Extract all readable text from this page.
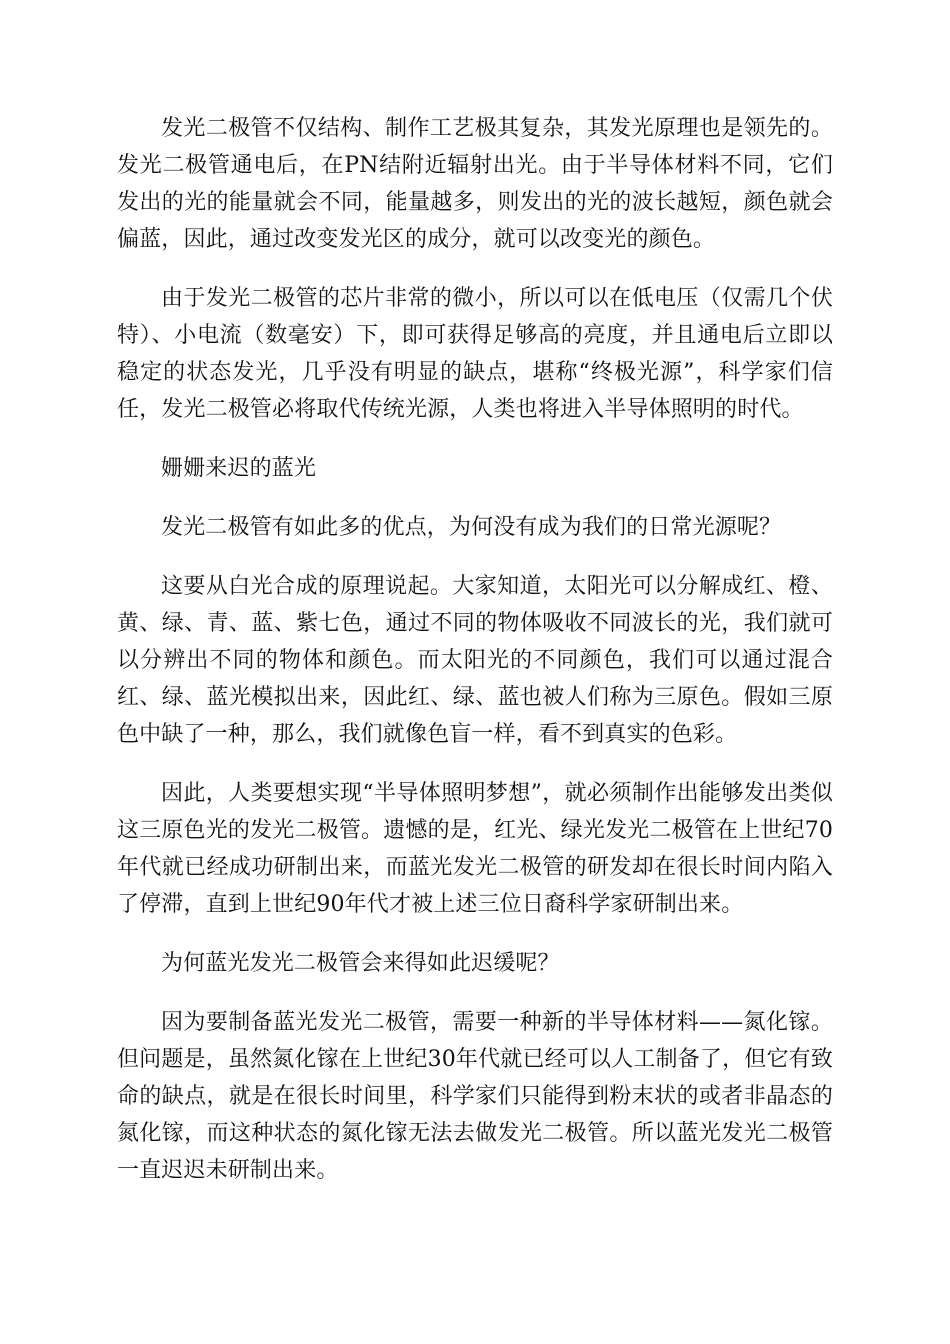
发光二极管不仅结构、制作工艺极其复杂，其发光原理也是领先的。发光二极管通电后，在PN结附近辐射出光。由于半导体材料不同，它们发出的光的能量就会不同，能量越多，则发出的光的波长越短，颜色就会偏蓝，因此，通过改变发光区的成分，就可以改变光的颜色。

由于发光二极管的芯片非常的微小，所以可以在低电压（仅需几个伏特）、小电流（数毫安）下，即可获得足够高的亮度，并且通电后立即以稳定的状态发光，几乎没有明显的缺点，堪称“终极光源”，科学家们信任，发光二极管必将取代传统光源，人类也将进入半导体照明的时代。

姗姗来迟的蓝光

发光二极管有如此多的优点，为何没有成为我们的日常光源呢？

这要从白光合成的原理说起。大家知道，太阳光可以分解成红、橙、黄、绿、青、蓝、紫七色，通过不同的物体吸收不同波长的光，我们就可以分辨出不同的物体和颜色。而太阳光的不同颜色，我们可以通过混合红、绿、蓝光模拟出来，因此红、绿、蓝也被人们称为三原色。假如三原色中缺了一种，那么，我们就像色盲一样，看不到真实的色彩。

因此，人类要想实现“半导体照明梦想”，就必须制作出能够发出类似这三原色光的发光二极管。遗憾的是，红光、绿光发光二极管在上世纪70年代就已经成功研制出来，而蓝光发光二极管的研发却在很长时间内陷入了停滞，直到上世纪90年代才被上述三位日裔科学家研制出来。

为何蓝光发光二极管会来得如此迟缓呢？

因为要制备蓝光发光二极管，需要一种新的半导体材料——氮化镓。但问题是，虽然氮化镓在上世纪30年代就已经可以人工制备了，但它有致命的缺点，就是在很长时间里，科学家们只能得到粉末状的或者非晶态的氮化镓，而这种状态的氮化镓无法去做发光二极管。所以蓝光发光二极管一直迟迟未研制出来。
